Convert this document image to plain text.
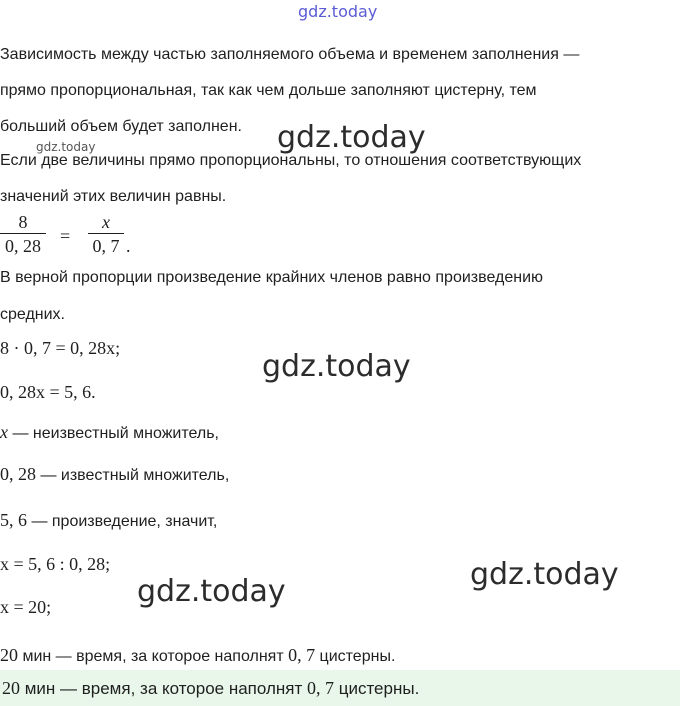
gdz.today
gdz.today	gdz.today
gdz.today
gdz.today	gdz.today
Зависимость между частью заполняемого объема и временем заполнения —
прямо пропорциональная, так как чем дольше заполняют цистерну, тем
больший объем будет заполнен.
Если две величины прямо пропорциональны, то отношения соответствующих
значений этих величин равны.
8
0, 28 =
x
0, 7 .
В верной пропорции произведение крайних членов равно произведению
средних.
8 · 0, 7 = 0, 28x;
0, 28x = 5, 6.
x — неизвестный множитель,
0, 28 — известный множитель,
5, 6 — произведение, значит,
x = 5, 6 : 0, 28;
x = 20;
20 мин — время, за которое наполнят 0, 7 цистерны.
20 мин — время, за которое наполнят 0, 7 цистерны.
